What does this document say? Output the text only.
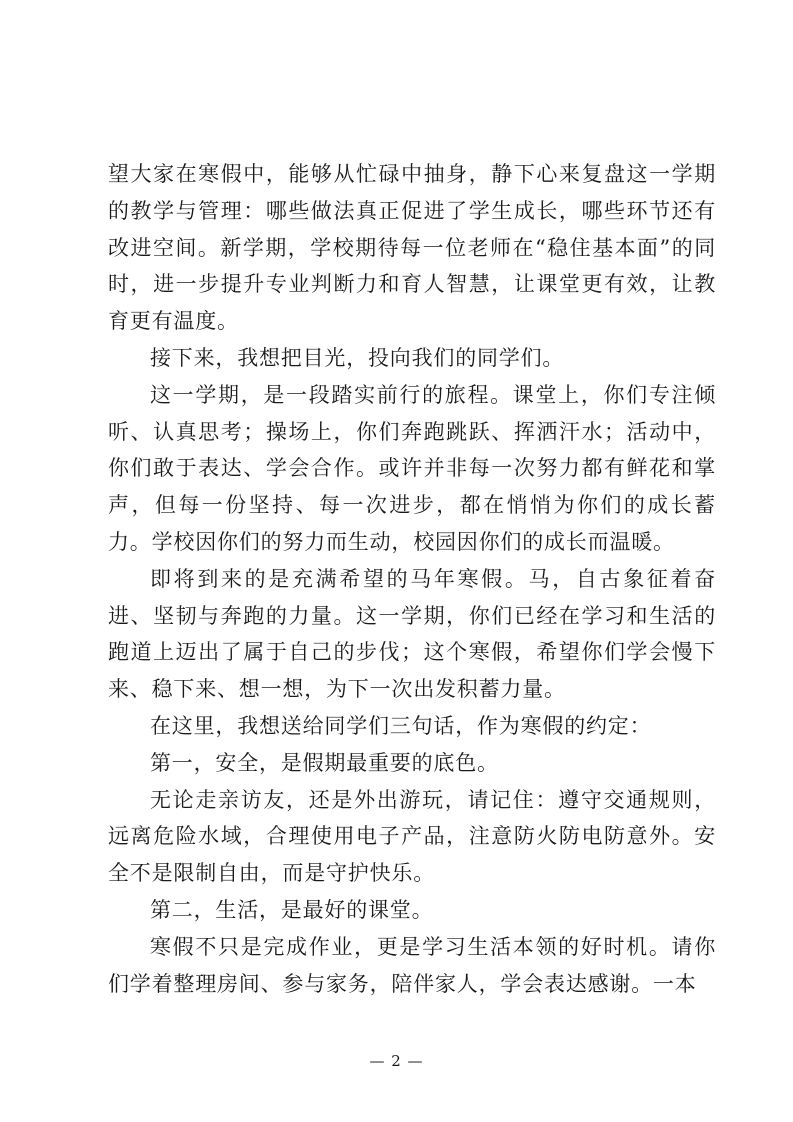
望大家在寒假中，能够从忙碌中抽身，静下心来复盘这一学期的教学与管理：哪些做法真正促进了学生成长，哪些环节还有改进空间。新学期，学校期待每一位老师在“稳住基本面”的同时，进一步提升专业判断力和育人智慧，让课堂更有效，让教育更有温度。

接下来，我想把目光，投向我们的同学们。

这一学期，是一段踏实前行的旅程。课堂上，你们专注倾听、认真思考；操场上，你们奔跑跳跃、挥洒汗水；活动中，你们敢于表达、学会合作。或许并非每一次努力都有鲜花和掌声，但每一份坚持、每一次进步，都在悄悄为你们的成长蓄力。学校因你们的努力而生动，校园因你们的成长而温暖。

即将到来的是充满希望的马年寒假。马，自古象征着奋进、坚韧与奔跑的力量。这一学期，你们已经在学习和生活的跑道上迈出了属于自己的步伐；这个寒假，希望你们学会慢下来、稳下来、想一想，为下一次出发积蓄力量。

在这里，我想送给同学们三句话，作为寒假的约定：

第一，安全，是假期最重要的底色。

无论走亲访友，还是外出游玩，请记住：遵守交通规则，远离危险水域，合理使用电子产品，注意防火防电防意外。安全不是限制自由，而是守护快乐。

第二，生活，是最好的课堂。

寒假不只是完成作业，更是学习生活本领的好时机。请你们学着整理房间、参与家务，陪伴家人，学会表达感谢。一本

— 2 —
